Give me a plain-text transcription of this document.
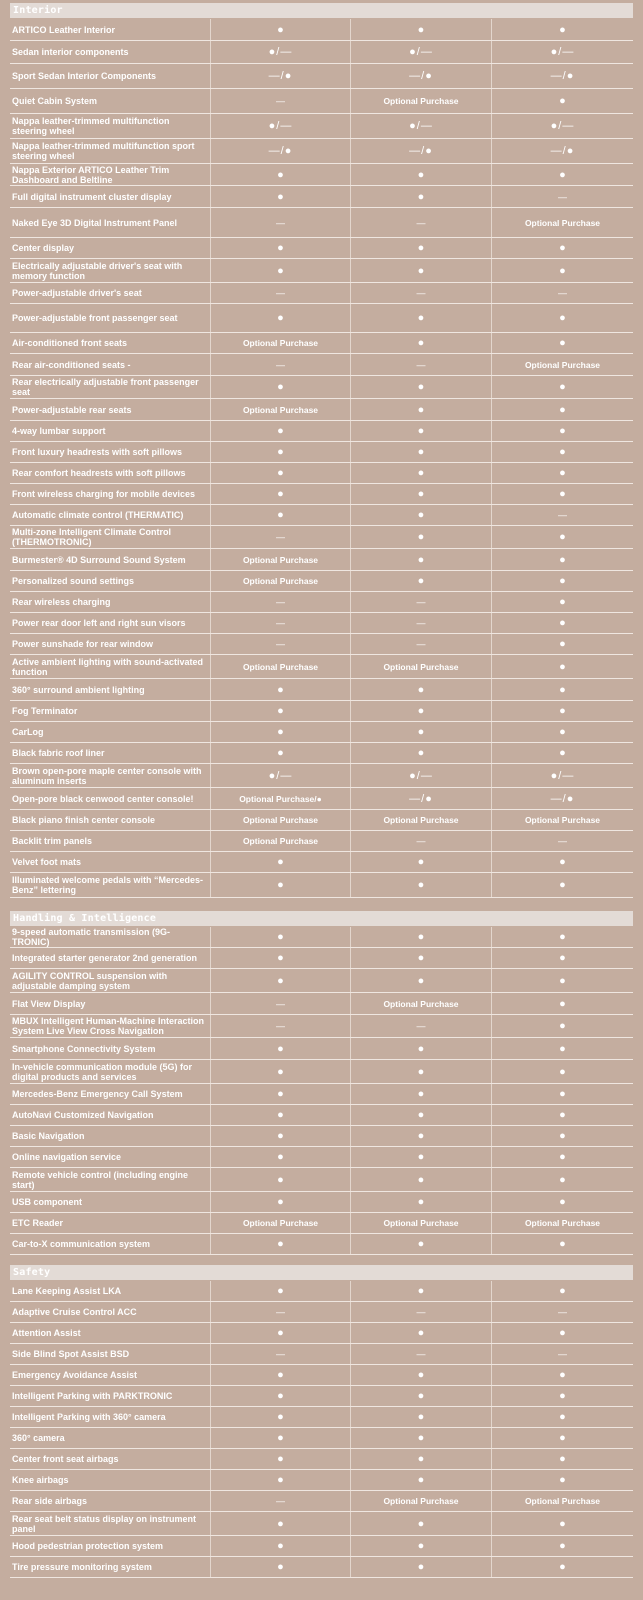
Interior
ARTICO Leather Interior	●	●	●
Sedan interior components	●/—	●/—	●/—
Sport Sedan Interior Components	—/●	—/●	—/●
Quiet Cabin System	—	Optional Purchase	●
Nappa leather-trimmed multifunction steering wheel	●/—	●/—	●/—
Nappa leather-trimmed multifunction sport steering wheel	—/●	—/●	—/●
Nappa Exterior ARTICO Leather Trim Dashboard and Beltline	●	●	●
Full digital instrument cluster display	●	●	—
Naked Eye 3D Digital Instrument Panel	—	—	Optional Purchase
Center display	●	●	●
Electrically adjustable driver's seat with memory function	●	●	●
Power-adjustable driver's seat	—	—	—
Power-adjustable front passenger seat	●	●	●
Air-conditioned front seats	Optional Purchase	●	●
Rear air-conditioned seats -	—	—	Optional Purchase
Rear electrically adjustable front passenger seat	●	●	●
Power-adjustable rear seats	Optional Purchase	●	●
4-way lumbar support	●	●	●
Front luxury headrests with soft pillows	●	●	●
Rear comfort headrests with soft pillows	●	●	●
Front wireless charging for mobile devices	●	●	●
Automatic climate control (THERMATIC)	●	●	—
Multi-zone Intelligent Climate Control (THERMOTRONIC)	—	●	●
Burmester® 4D Surround Sound System	Optional Purchase	●	●
Personalized sound settings	Optional Purchase	●	●
Rear wireless charging	—	—	●
Power rear door left and right sun visors	—	—	●
Power sunshade for rear window	—	—	●
Active ambient lighting with sound-activated function	Optional Purchase	Optional Purchase	●
360° surround ambient lighting	●	●	●
Fog Terminator	●	●	●
CarLog	●	●	●
Black fabric roof liner	●	●	●
Brown open-pore maple center console with aluminum inserts	●/—	●/—	●/—
Open-pore black cenwood center console!	Optional Purchase/●	—/●	—/●
Black piano finish center console	Optional Purchase	Optional Purchase	Optional Purchase
Backlit trim panels	Optional Purchase	—	—
Velvet foot mats	●	●	●
Illuminated welcome pedals with “Mercedes-Benz” lettering	●	●	●
Handling & Intelligence
9-speed automatic transmission (9G-TRONIC)	●	●	●
Integrated starter generator 2nd generation	●	●	●
AGILITY CONTROL suspension with adjustable damping system	●	●	●
Flat View Display	—	Optional Purchase	●
MBUX Intelligent Human-Machine Interaction System Live View Cross Navigation	—	—	●
Smartphone Connectivity System	●	●	●
In-vehicle communication module (5G) for digital products and services	●	●	●
Mercedes-Benz Emergency Call System	●	●	●
AutoNavi Customized Navigation	●	●	●
Basic Navigation	●	●	●
Online navigation service	●	●	●
Remote vehicle control (including engine start)	●	●	●
USB component	●	●	●
ETC Reader	Optional Purchase	Optional Purchase	Optional Purchase
Car-to-X communication system	●	●	●
Safety
Lane Keeping Assist LKA	●	●	●
Adaptive Cruise Control ACC	—	—	—
Attention Assist	●	●	●
Side Blind Spot Assist BSD	—	—	—
Emergency Avoidance Assist	●	●	●
Intelligent Parking with PARKTRONIC	●	●	●
Intelligent Parking with 360° camera	●	●	●
360° camera	●	●	●
Center front seat airbags	●	●	●
Knee airbags	●	●	●
Rear side airbags	—	Optional Purchase	Optional Purchase
Rear seat belt status display on instrument panel	●	●	●
Hood pedestrian protection system	●	●	●
Tire pressure monitoring system	●	●	●
